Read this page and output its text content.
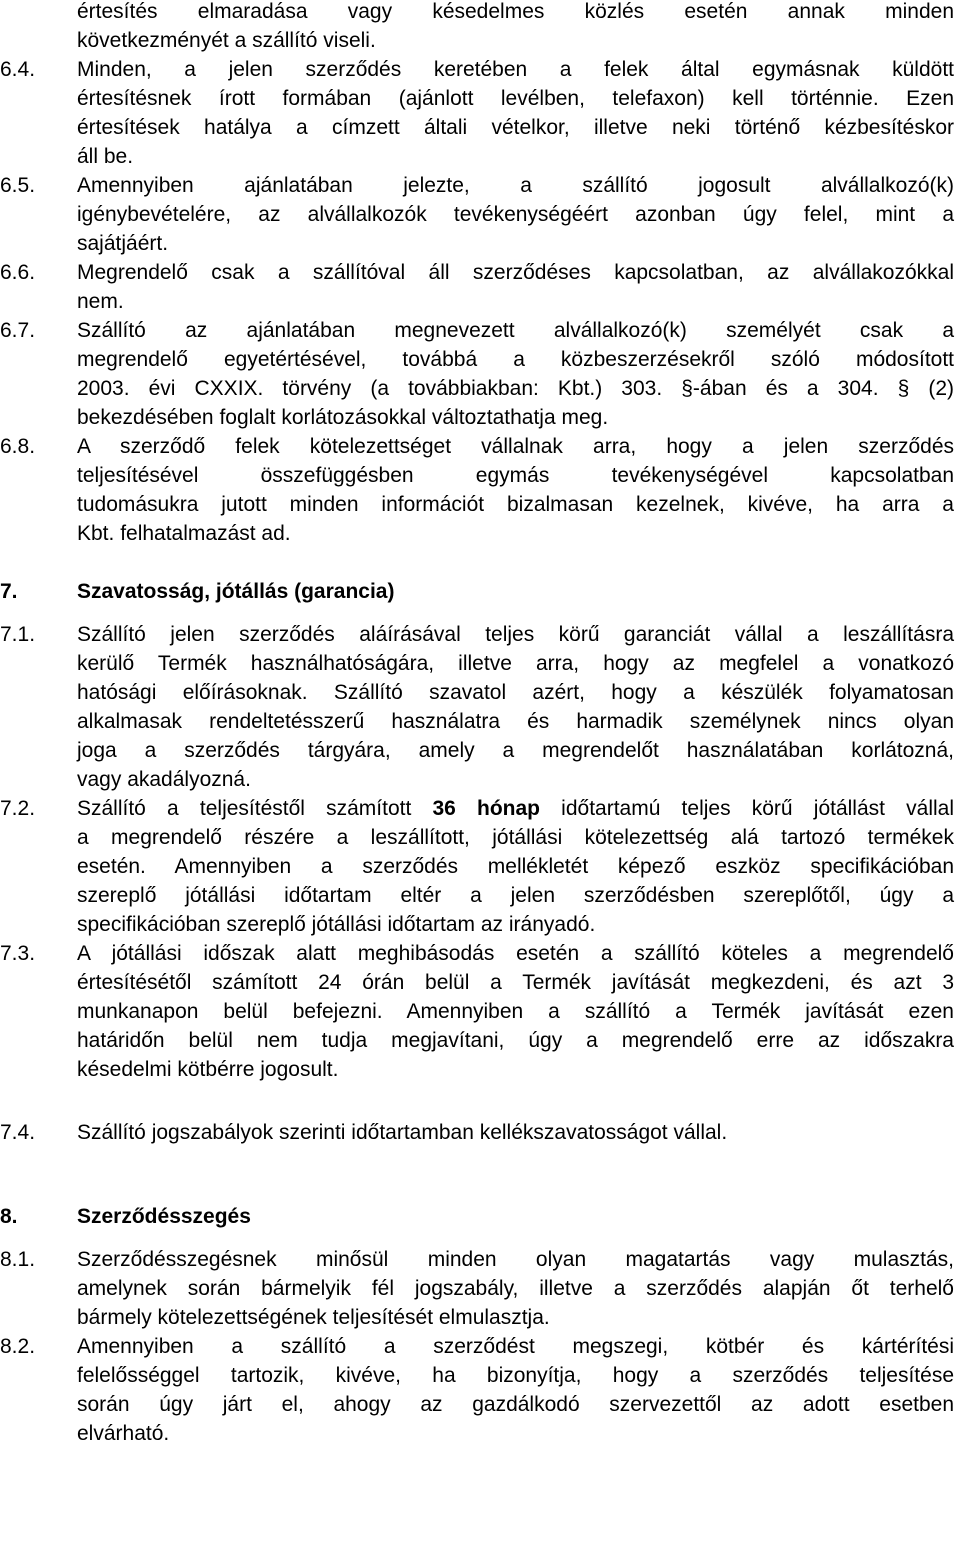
értesítés elmaradása vagy késedelmes közlés esetén annak minden
következményét a szállító viseli.
6.4. Minden, a jelen szerződés keretében a felek által egymásnak küldött
értesítésnek írott formában (ajánlott levélben, telefaxon) kell történnie. Ezen
értesítések hatálya a címzett általi vételkor, illetve neki történő kézbesítéskor
áll be.
6.5. Amennyiben ajánlatában jelezte, a szállító jogosult alvállalkozó(k)
igénybevételére, az alvállalkozók tevékenységéért azonban úgy felel, mint a
sajátjáért.
6.6. Megrendelő csak a szállítóval áll szerződéses kapcsolatban, az alvállakozókkal
nem.
6.7. Szállító az ajánlatában megnevezett alvállalkozó(k) személyét csak a
megrendelő egyetértésével, továbbá a közbeszerzésekről szóló módosított
2003. évi CXXIX. törvény (a továbbiakban: Kbt.) 303. §-ában és a 304. § (2)
bekezdésében foglalt korlátozásokkal változtathatja meg.
6.8. A szerződő felek kötelezettséget vállalnak arra, hogy a jelen szerződés
teljesítésével összefüggésben egymás tevékenységével kapcsolatban
tudomásukra jutott minden információt bizalmasan kezelnek, kivéve, ha arra a
Kbt. felhatalmazást ad.
7.	Szavatosság, jótállás (garancia)
7.1. Szállító jelen szerződés aláírásával teljes körű garanciát vállal a leszállításra
kerülő Termék használhatóságára, illetve arra, hogy az megfelel a vonatkozó
hatósági előírásoknak. Szállító szavatol azért, hogy a készülék folyamatosan
alkalmasak rendeltetésszerű használatra és harmadik személynek nincs olyan
joga a szerződés tárgyára, amely a megrendelőt használatában korlátozná,
vagy akadályozná.
7.2. Szállító a teljesítéstől számított 36 hónap időtartamú teljes körű jótállást vállal
a megrendelő részére a leszállított, jótállási kötelezettség alá tartozó termékek
esetén. Amennyiben a szerződés mellékletét képező eszköz specifikációban
szereplő jótállási időtartam eltér a jelen szerződésben szereplőtől, úgy a
specifikációban szereplő jótállási időtartam az irányadó.
7.3. A jótállási időszak alatt meghibásodás esetén a szállító köteles a megrendelő
értesítésétől számított 24 órán belül a Termék javítását megkezdeni, és azt 3
munkanapon belül befejezni. Amennyiben a szállító a Termék javítását ezen
határidőn belül nem tudja megjavítani, úgy a megrendelő erre az időszakra
késedelmi kötbérre jogosult.
7.4. Szállító jogszabályok szerinti időtartamban kellékszavatosságot vállal.
8.	Szerződésszegés
8.1. Szerződésszegésnek minősül minden olyan magatartás vagy mulasztás,
amelynek során bármelyik fél jogszabály, illetve a szerződés alapján őt terhelő
bármely kötelezettségének teljesítését elmulasztja.
8.2. Amennyiben a szállító a szerződést megszegi, kötbér és kártérítési
felelősséggel tartozik, kivéve, ha bizonyítja, hogy a szerződés teljesítése
során úgy járt el, ahogy az gazdálkodó szervezettől az adott esetben
elvárható.
